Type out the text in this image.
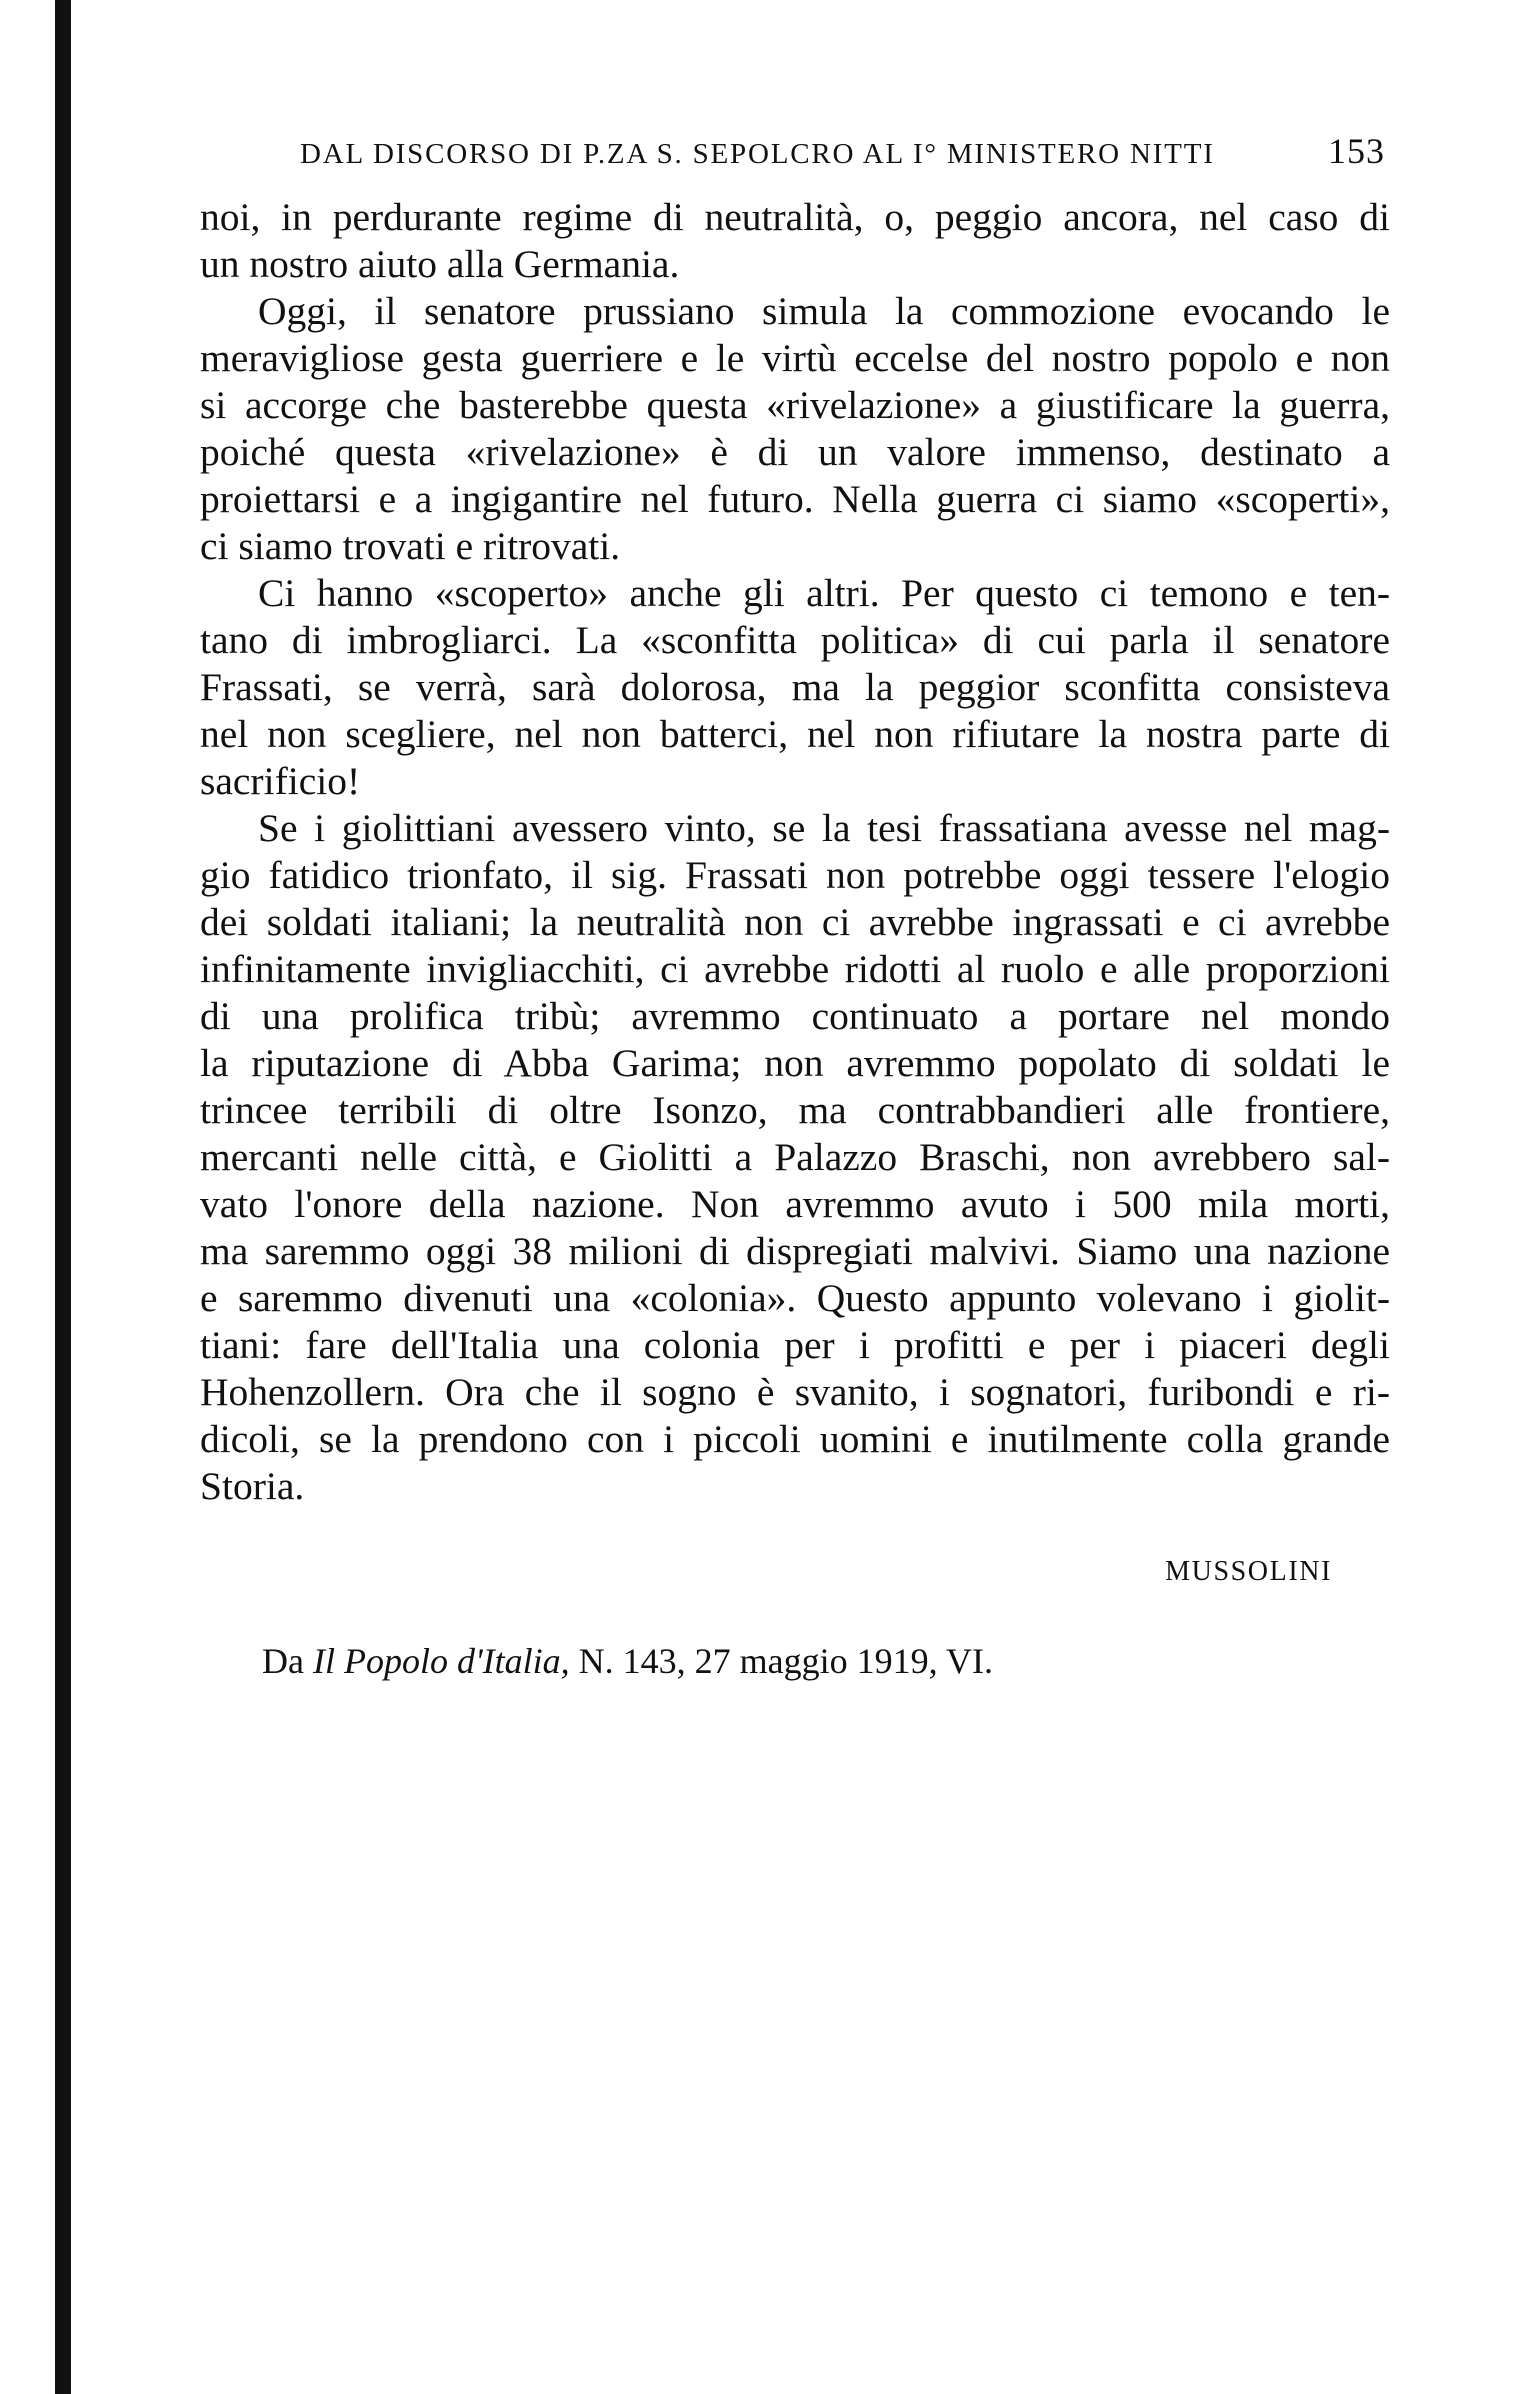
DAL DISCORSO DI P.ZA S. SEPOLCRO AL I° MINISTERO NITTI	153
noi, in perdurante regime di neutralità, o, peggio ancora, nel caso di
un nostro aiuto alla Germania.
Oggi, il senatore prussiano simula la commozione evocando le
meravigliose gesta guerriere e le virtù eccelse del nostro popolo e non
si accorge che basterebbe questa «rivelazione» a giustificare la guerra,
poiché questa «rivelazione» è di un valore immenso, destinato a
proiettarsi e a ingigantire nel futuro. Nella guerra ci siamo «scoperti»,
ci siamo trovati e ritrovati.
Ci hanno «scoperto» anche gli altri. Per questo ci temono e ten-
tano di imbrogliarci. La «sconfitta politica» di cui parla il senatore
Frassati, se verrà, sarà dolorosa, ma la peggior sconfitta consisteva
nel non scegliere, nel non batterci, nel non rifiutare la nostra parte di
sacrificio!
Se i giolittiani avessero vinto, se la tesi frassatiana avesse nel mag-
gio fatidico trionfato, il sig. Frassati non potrebbe oggi tessere l'elogio
dei soldati italiani; la neutralità non ci avrebbe ingrassati e ci avrebbe
infinitamente invigliacchiti, ci avrebbe ridotti al ruolo e alle proporzioni
di una prolifica tribù; avremmo continuato a portare nel mondo
la riputazione di Abba Garima; non avremmo popolato di soldati le
trincee terribili di oltre Isonzo, ma contrabbandieri alle frontiere,
mercanti nelle città, e Giolitti a Palazzo Braschi, non avrebbero sal-
vato l'onore della nazione. Non avremmo avuto i 500 mila morti,
ma saremmo oggi 38 milioni di dispregiati malvivi. Siamo una nazione
e saremmo divenuti una «colonia». Questo appunto volevano i giolit-
tiani: fare dell'Italia una colonia per i profitti e per i piaceri degli
Hohenzollern. Ora che il sogno è svanito, i sognatori, furibondi e ri-
dicoli, se la prendono con i piccoli uomini e inutilmente colla grande
Storia.
MUSSOLINI
Da Il Popolo d'Italia, N. 143, 27 maggio 1919, VI.
